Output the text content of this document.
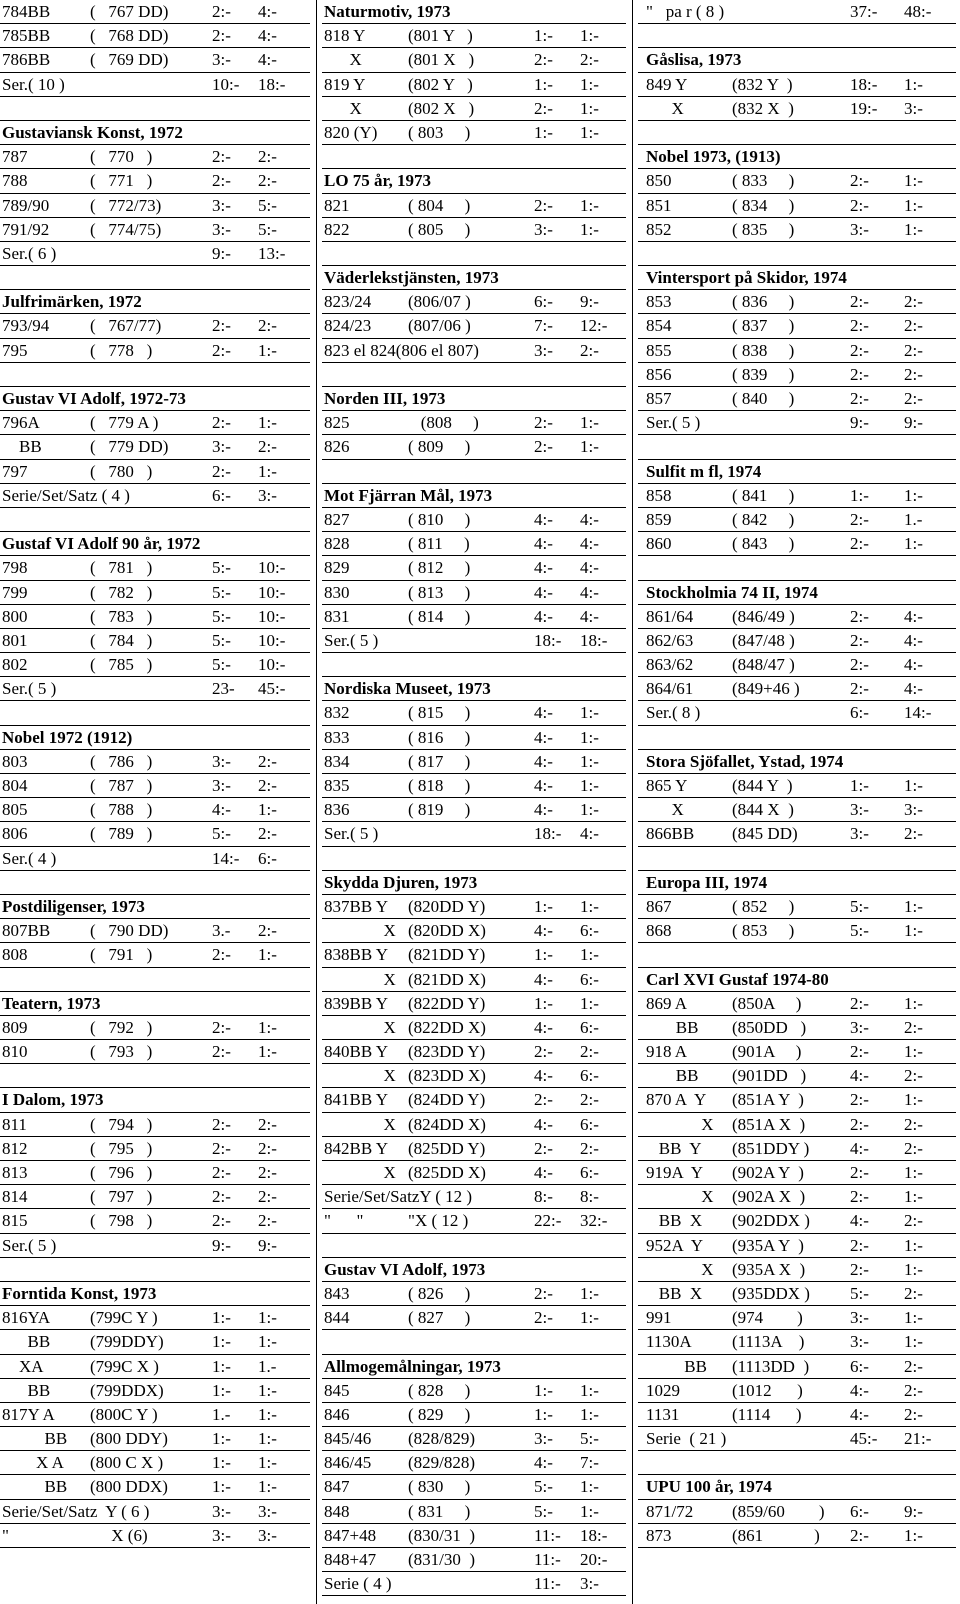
784BB (   767 DD)	2:- 4:-
785BB (   768 DD)	2:- 4:-
786BB (   769 DD)	3:- 4:-
Ser.( 10 )	10:- 18:-
Gustaviansk Konst, 1972
787	(   770   )	2:- 2:-
788	(   771   )	2:- 2:-
789/90 (   772/73)	3:- 5:-
791/92 (   774/75)	3:- 5:-
Ser.( 6 )	9:- 13:-
Julfrimärken, 1972
793/94 (   767/77)	2:- 2:-
795	(   778   )	2:- 1:-
Gustav VI Adolf, 1972-73
796A	(   779 A )	2:- 1:-
BB	(   779 DD)	3:- 2:-
797	(   780   )	2:- 1:-
Serie/Set/Satz ( 4 )	6:- 3:-
Gustaf VI Adolf 90 år, 1972
798	(   781   )	5:- 10:-
799	(   782   )	5:- 10:-
800	(   783   )	5:- 10:-
801	(   784   )	5:- 10:-
802	(   785   )	5:- 10:-
Ser.( 5 )	23- 45:-
Nobel 1972 (1912)
803	(   786   )	3:- 2:-
804	(   787   )	3:- 2:-
805	(   788   )	4:- 1:-
806	(   789   )	5:- 2:-
Ser.( 4 )	14:- 6:-
Postdiligenser, 1973
807BB (   790 DD)	3.- 2:-
808	(   791   )	2:- 1:-
Teatern, 1973
809	(   792   )	2:- 1:-
810	(   793   )	2:- 1:-
I Dalom, 1973
811	(   794   )	2:- 2:-
812	(   795   )	2:- 2:-
813	(   796   )	2:- 2:-
814	(   797   )	2:- 2:-
815	(   798   )	2:- 2:-
Ser.( 5 )	9:- 9:-
Forntida Konst, 1973
816YA (799C Y )	1:- 1:-
BB (799DDY)	1:- 1:-
XA	(799C X )	1:- 1.-
BB (799DDX)	1:- 1:-
817Y A (800C Y )	1.- 1:-
BB (800 DDY)	1:- 1:-
X A (800 C X )	1:- 1:-
BB (800 DDX)	1:- 1:-
Serie/Set/Satz  Y ( 6 )	3:- 3:-
"	X (6)	3:- 3:-
Naturmotiv, 1973
818 Y	(801 Y   )	1:- 1:-
X	(801 X   )	2:- 2:-
819 Y	(802 Y   )	1:- 1:-
X	(802 X   )	2:- 1:-
820 (Y) ( 803     )	1:- 1:-
LO 75 år, 1973
821	( 804     )	2:- 1:-
822	( 805     )	3:- 1:-
Väderlekstjänsten, 1973
823/24 (806/07 )	6:- 9:-
824/23 (807/06 )	7:- 12:-
823 el 824(806 el 807)	3:- 2:-
Norden III, 1973
825	(808     )	2:- 1:-
826	( 809     )	2:- 1:-
Mot Fjärran Mål, 1973
827	( 810     )	4:- 4:-
828	( 811     )	4:- 4:-
829	( 812     )	4:- 4:-
830	( 813     )	4:- 4:-
831	( 814     )	4:- 4:-
Ser.( 5 )	18:- 18:-
Nordiska Museet, 1973
832	( 815     )	4:- 1:-
833	( 816     )	4:- 1:-
834	( 817     )	4:- 1:-
835	( 818     )	4:- 1:-
836	( 819     )	4:- 1:-
Ser.( 5 )	18:- 4:-
Skydda Djuren, 1973
837BB Y (820DD Y)	1:- 1:-
X (820DD X)	4:- 6:-
838BB Y (821DD Y)	1:- 1:-
X (821DD X)	4:- 6:-
839BB Y (822DD Y)	1:- 1:-
X (822DD X)	4:- 6:-
840BB Y (823DD Y)	2:- 2:-
X (823DD X)	4:- 6:-
841BB Y (824DD Y)	2:- 2:-
X (824DD X)	4:- 6:-
842BB Y (825DD Y)	2:- 2:-
X (825DD X)	4:- 6:-
Serie/Set/SatzY ( 12 )	8:- 8:-
"      "	"X ( 12 )	22:- 32:-
Gustav VI Adolf, 1973
843	( 826     )	2:- 1:-
844	( 827     )	2:- 1:-
Allmogemålningar, 1973
845	( 828     )	1:- 1:-
846	( 829     )	1:- 1:-
845/46 (828/829)	3:- 5:-
846/45 (829/828)	4:- 7:-
847	( 830     )	5:- 1:-
848	( 831     )	5:- 1:-
847+48 (830/31  )	11:- 18:-
848+47 (831/30  )	11:- 20:-
Serie ( 4 )	11:- 3:-
"   pa r ( 8 )	37:- 48:-
Gåslisa, 1973
849 Y	(832 Y  )	18:- 1:-
X	(832 X  )	19:- 3:-
Nobel 1973, (1913)
850	( 833     )	2:- 1:-
851	( 834     )	2:- 1:-
852	( 835     )	3:- 1:-
Vintersport på Skidor, 1974
853	( 836     )	2:- 2:-
854	( 837     )	2:- 2:-
855	( 838     )	2:- 2:-
856	( 839     )	2:- 2:-
857	( 840     )	2:- 2:-
Ser.( 5 )	9:- 9:-
Sulfit m fl, 1974
858	( 841     )	1:- 1:-
859	( 842     )	2:- 1.-
860	( 843     )	2:- 1:-
Stockholmia 74 II, 1974
861/64 (846/49 )	2:- 4:-
862/63 (847/48 )	2:- 4:-
863/62 (848/47 )	2:- 4:-
864/61 (849+46 )	2:- 4:-
Ser.( 8 )	6:- 14:-
Stora Sjöfallet, Ystad, 1974
865 Y	(844 Y  )	1:- 1:-
X	(844 X  )	3:- 3:-
866BB (845 DD)	3:- 2:-
Europa III, 1974
867	( 852     )	5:- 1:-
868	( 853     )	5:- 1:-
Carl XVI Gustaf 1974-80
869 A	(850A     )	2:- 1:-
BB (850DD   )	3:- 2:-
918 A	(901A     )	2:- 1:-
BB (901DD   )	4:- 2:-
870 A  Y (851A Y  )	2:- 1:-
X (851A X  )	2:- 2:-
BB  Y (851DDY ) 4:- 2:-
919A  Y (902A Y  )	2:- 1:-
X (902A X  )	2:- 1:-
BB  X (902DDX ) 4:- 2:-
952A  Y (935A Y  )	2:- 1:-
X (935A X  )	2:- 1:-
BB  X (935DDX ) 5:- 2:-
991	(974        )	3:- 1:-
1130A (1113A    )	3:- 1:-
BB (1113DD  ) 6:- 2:-
1029	(1012      )	4:- 2:-
1131	(1114      )	4:- 2:-
Serie  ( 21 )	45:- 21:-
UPU 100 år, 1974
871/72 (859/60        ) 6:- 9:-
873	(861            ) 2:- 1:-
